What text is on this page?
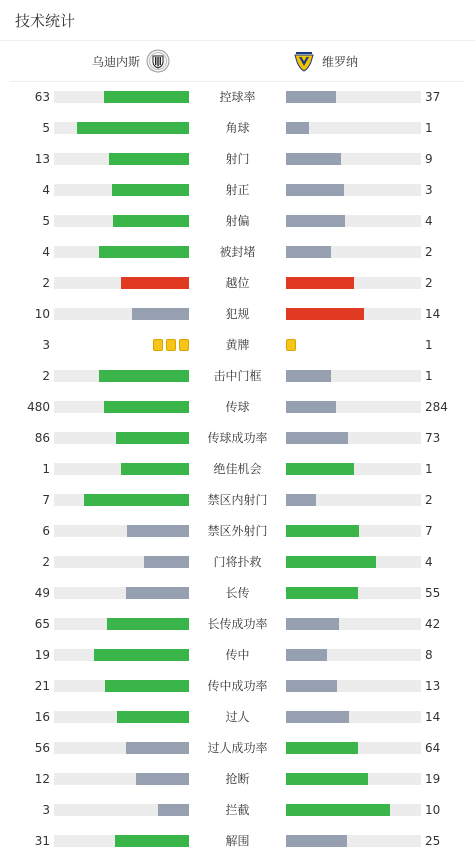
技术统计
乌迪内斯	维罗纳
63	控球率	37
5	角球	1
13	射门	9
4	射正	3
5	射偏	4
4	被封堵	2
2	越位	2
10	犯规	14
3	黄牌	1
2	击中门框	1
480	传球	284
86	传球成功率	73
1	绝佳机会	1
7	禁区内射门	2
6	禁区外射门	7
2	门将扑救	4
49	长传	55
65	长传成功率	42
19	传中	8
21	传中成功率	13
16	过人	14
56	过人成功率	64
12	抢断	19
3	拦截	10
31	解围	25
